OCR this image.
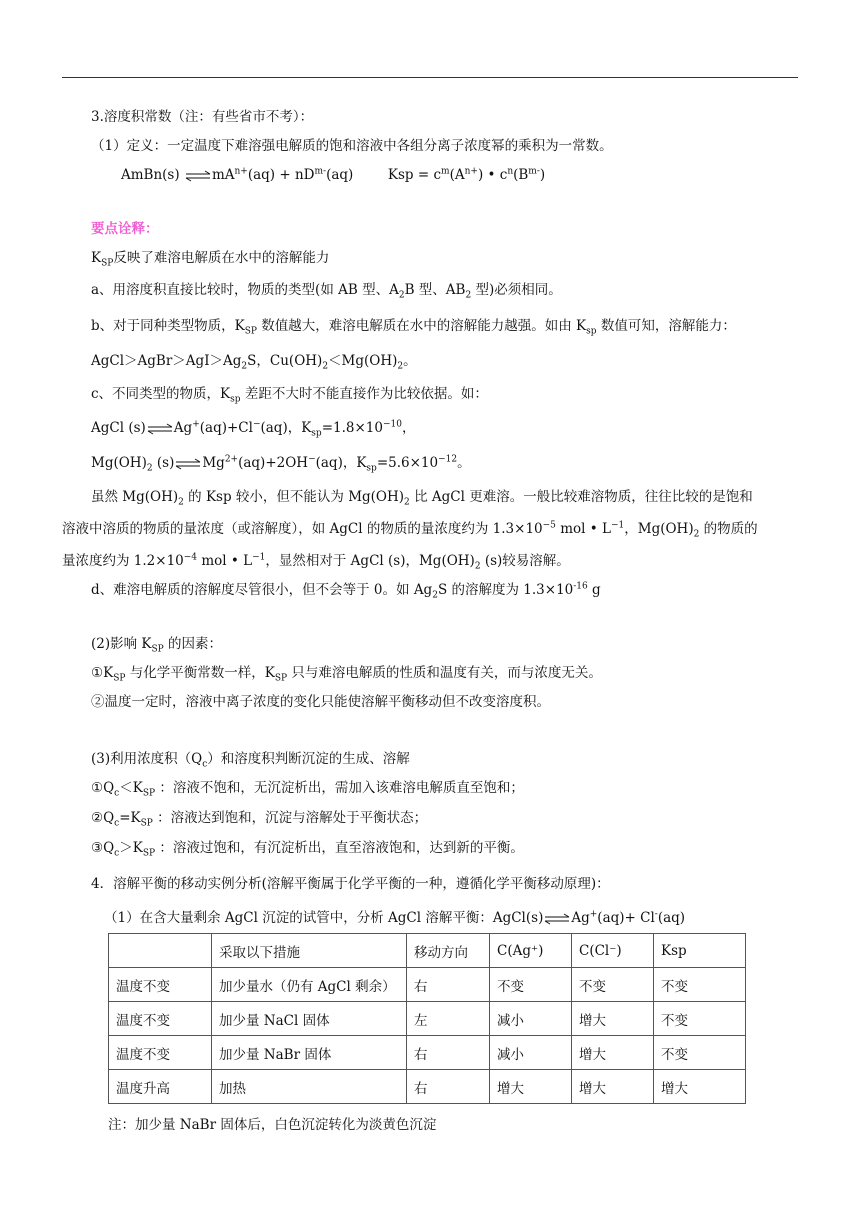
3.溶度积常数（注：有些省市不考）：
（1）定义：一定温度下难溶强电解质的饱和溶液中各组分离子浓度幂的乘积为一常数。
AmBn(s) $\rightleftharpoons mA^{n+}(aq) + nD^{m-}(aq)$	Ksp = $c^m(A^{n+})$ • $c^n(B^{m-})$
要点诠释：
$K_{SP}$反映了难溶电解质在水中的溶解能力
a、用溶度积直接比较时，物质的类型(如 AB 型、$A_2B$ 型、$AB_2$ 型)必须相同。
b、对于同种类型物质，$K_{SP}$ 数值越大，难溶电解质在水中的溶解能力越强。如由 $K_{sp}$ 数值可知，溶解能力：
$AgCl>AgBr>AgI>Ag_2S$，$Cu(OH)_2<Mg(OH)_2$。
c、不同类型的物质，$K_{sp}$ 差距不大时不能直接作为比较依据。如：
AgCl (s)⇌Ag+(aq)+Cl−(aq)，$K_{sp}=1.8\times 10^{-10}$，
$Mg(OH)_2$ $(s)\rightleftharpoons Mg^{2+}(aq)+2OH^-(aq)$，$K_{sp}=5.6\times 10^{-12}$。
虽然 $Mg(OH)_2$ 的 Ksp 较小，但不能认为 $Mg(OH)_2$ 比 AgCl 更难溶。一般比较难溶物质，往往比较的是饱和
溶液中溶质的物质的量浓度（或溶解度），如 AgCl 的物质的量浓度约为 $1.3\times 10^{-5}$ mol • $L^{-1}$，$Mg(OH)_2$ 的物质的
量浓度约为 $1.2\times 10^{-4}$ mol • $L^{-1}$，显然相对于 AgCl (s)，$Mg(OH)_2$ (s)较易溶解。
d、难溶电解质的溶解度尽管很小，但不会等于 0。如 $Ag_2S$ 的溶解度为 $1.3\times 10^{-16}$ g
(2)影响 $K_{SP}$ 的因素：
$①K_{SP}$ 与化学平衡常数一样，$K_{SP}$ 只与难溶电解质的性质和温度有关，而与浓度无关。
②温度一定时，溶液中离子浓度的变化只能使溶解平衡移动但不改变溶度积。
(3)利用浓度积$(Q_c)$和溶度积判断沉淀的生成、溶解
$①Q_c<K_{SP}$ ：溶液不饱和，无沉淀析出，需加入该难溶电解质直至饱和；
$②Q_c=K_{SP}$ ：溶液达到饱和，沉淀与溶解处于平衡状态；
$③Q_c>K_{SP}$ ：溶液过饱和，有沉淀析出，直至溶液饱和，达到新的平衡。
4．溶解平衡的移动实例分析(溶解平衡属于化学平衡的一种，遵循化学平衡移动原理)：
（1）在含大量剩余 AgCl 沉淀的试管中，分析 AgCl 溶解平衡：AgCl(s)⇌Ag+(aq)+ Cl-(aq)
	采取以下措施	移动方向	C(Ag⁺)	C(Cl⁻)	Ksp
温度不变	加少量水（仍有 AgCl 剩余）	右	不变	不变	不变
温度不变	加少量 NaCl 固体	左	减小	增大	不变
温度不变	加少量 NaBr 固体	右	减小	增大	不变
温度升高	加热	右	增大	增大	增大
注：加少量 NaBr 固体后，白色沉淀转化为淡黄色沉淀
